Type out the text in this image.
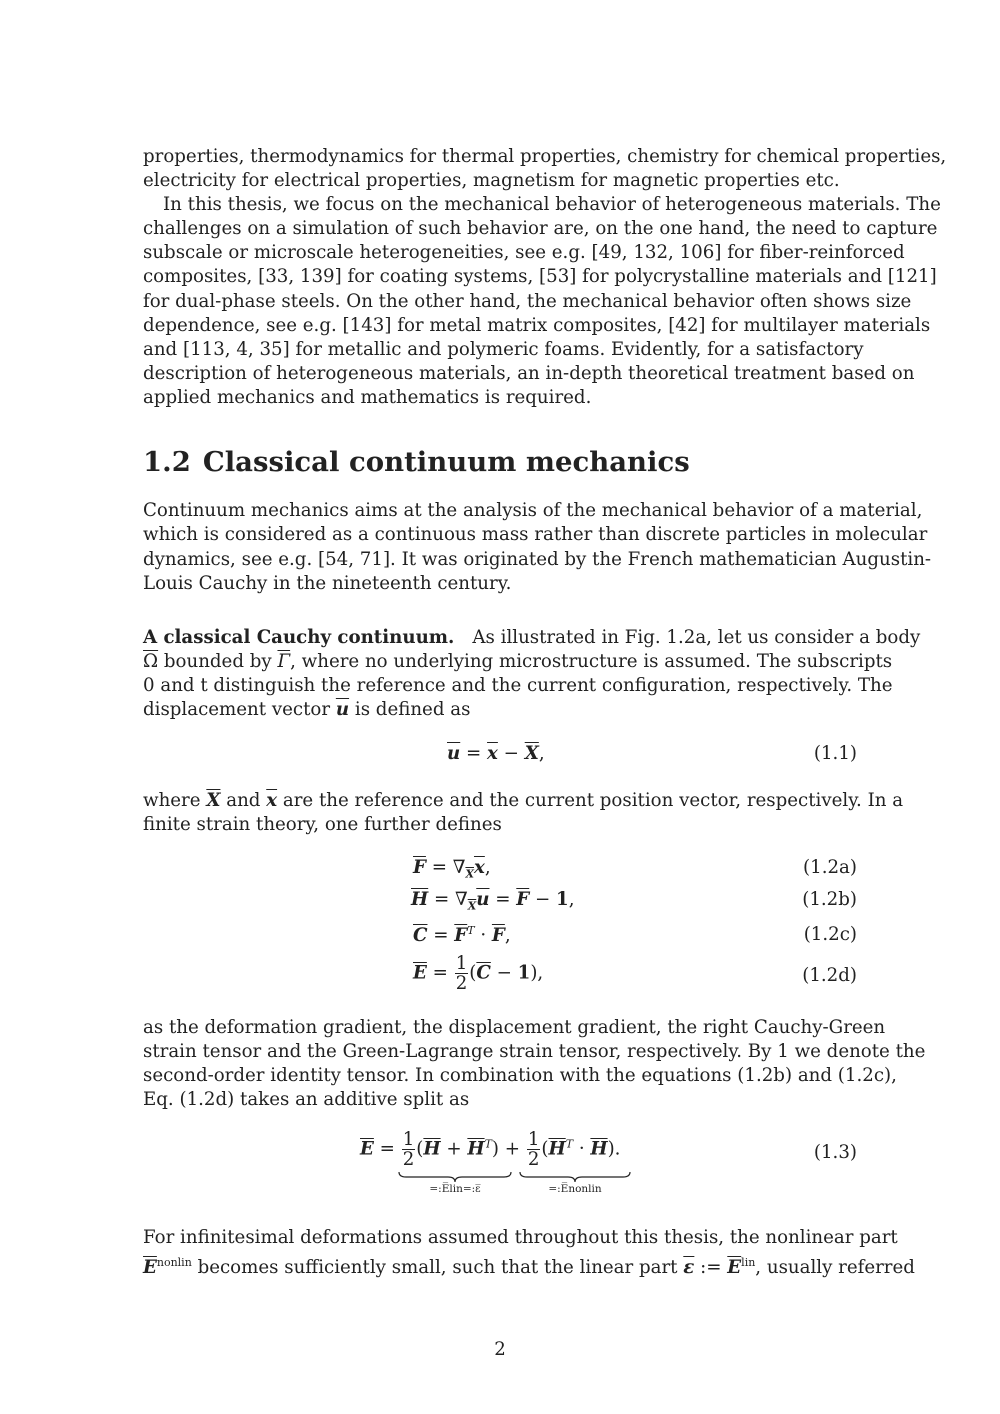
properties, thermodynamics for thermal properties, chemistry for chemical properties,
electricity for electrical properties, magnetism for magnetic properties etc.
In this thesis, we focus on the mechanical behavior of heterogeneous materials. The
challenges on a simulation of such behavior are, on the one hand, the need to capture
subscale or microscale heterogeneities, see e.g. [49, 132, 106] for fiber-reinforced
composites, [33, 139] for coating systems, [53] for polycrystalline materials and [121]
for dual-phase steels. On the other hand, the mechanical behavior often shows size
dependence, see e.g. [143] for metal matrix composites, [42] for multilayer materials
and [113, 4, 35] for metallic and polymeric foams. Evidently, for a satisfactory
description of heterogeneous materials, an in-depth theoretical treatment based on
applied mechanics and mathematics is required.
1.2 Classical continuum mechanics
Continuum mechanics aims at the analysis of the mechanical behavior of a material,
which is considered as a continuous mass rather than discrete particles in molecular
dynamics, see e.g. [54, 71]. It was originated by the French mathematician Augustin-
Louis Cauchy in the nineteenth century.
A classical Cauchy continuum. As illustrated in Fig. 1.2a, let us consider a body
$\overline{\Omega}$ bounded by $\overline{\Gamma}$, where no underlying microstructure is assumed. The subscripts
0 and t distinguish the reference and the current configuration, respectively. The
displacement vector $\overline{u}$ is defined as
$\overline{u} = \overline{x} - \overline{X}$,	(1.1)
where $\overline{X}$ and $\overline{x}$ are the reference and the current position vector, respectively. In a
finite strain theory, one further defines
$\overline{F} = \nabla_{\overline{X}}\overline{x}$,	(1.2a)
$\overline{H} = \nabla_{\overline{X}}\overline{u} = \overline{F} - 1$,	(1.2b)
$\overline{C} = \overline{F}^T \cdot \overline{F}$,	(1.2c)
$\overline{E} = \frac{1}{2} (\overline{C} - 1)$,	(1.2d)
as the deformation gradient, the displacement gradient, the right Cauchy-Green
strain tensor and the Green-Lagrange strain tensor, respectively. By 1 we denote the
second-order identity tensor. In combination with the equations (1.2b) and (1.2c),
Eq. (1.2d) takes an additive split as
$\overline{E} = \frac{1}{2} (\overline{H} + \overline{H}^T) + \frac{1}{2} (\overline{H}^T \cdot \overline{H})$.	(1.3)
=:E̅lin=:ε̅	=:E̅nonlin
For infinitesimal deformations assumed throughout this thesis, the nonlinear part
$\overline{E}^{nonlin}$ becomes sufficiently small, such that the linear part $\overline{\varepsilon}$ := $\overline{E}^{lin}$, usually referred
2
